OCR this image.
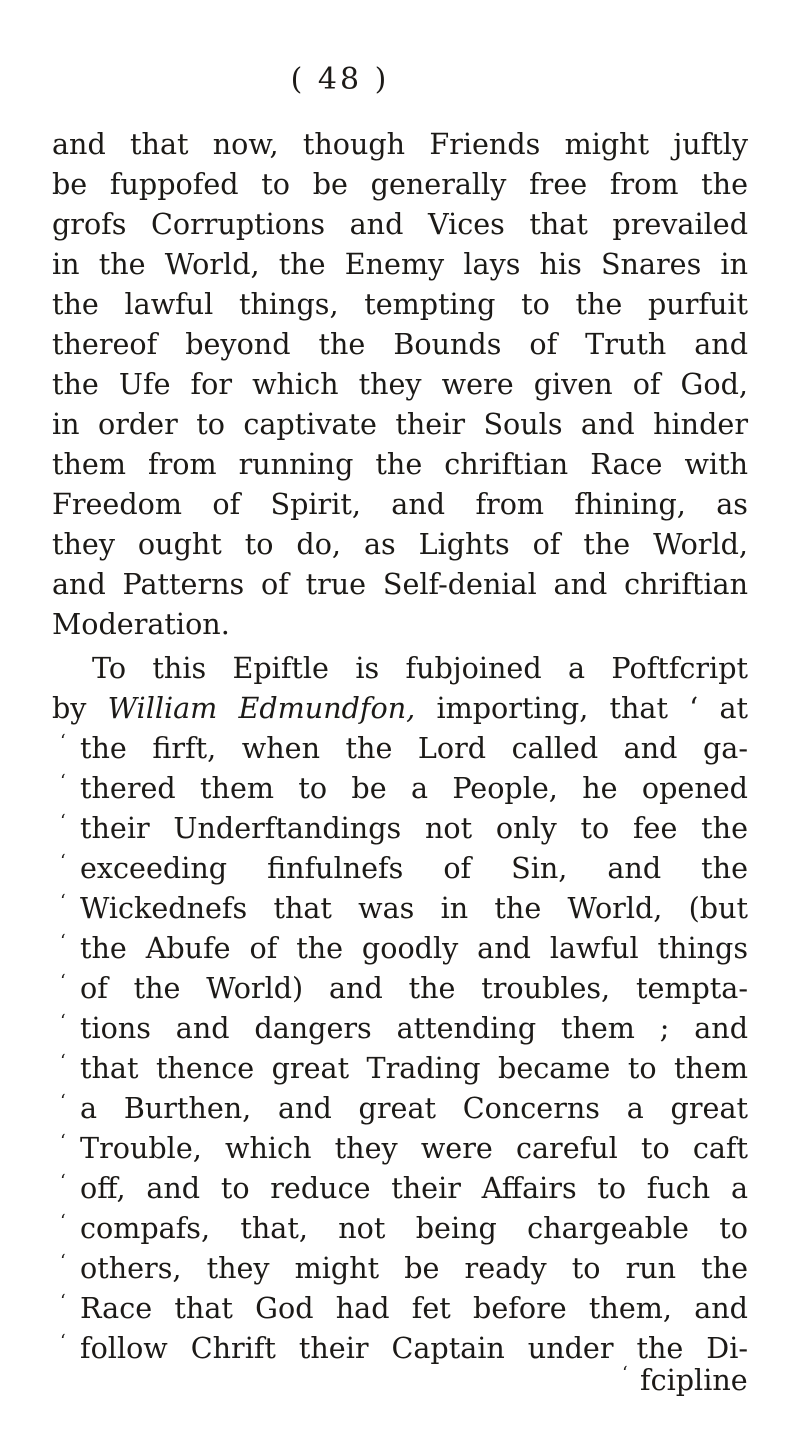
( 48 )
and that now, though Friends might juftly
be fuppofed to be generally free from the
grofs Corruptions and Vices that prevailed
in the World, the Enemy lays his Snares in
the lawful things, tempting to the purfuit
thereof beyond the Bounds of Truth and
the Ufe for which they were given of God,
in order to captivate their Souls and hinder
them from running the chriftian Race with
Freedom of Spirit, and from fhining, as
they ought to do, as Lights of the World,
and Patterns of true Self-denial and chriftian
Moderation.
To this Epiftle is fubjoined a Poftfcript
by William Edmundfon, importing, that ‘ at
‘ the firft, when the Lord called and ga-
‘ thered them to be a People, he opened
‘ their Underftandings not only to fee the
‘ exceeding finfulnefs of Sin, and the
‘ Wickednefs that was in the World, (but
‘ the Abufe of the goodly and lawful things
‘ of the World) and the troubles, tempta-
‘ tions and dangers attending them ; and
‘ that thence great Trading became to them
‘ a Burthen, and great Concerns a great
‘ Trouble, which they were careful to caft
‘ off, and to reduce their Affairs to fuch a
‘ compafs, that, not being chargeable to
‘ others, they might be ready to run the
‘ Race that God had fet before them, and
‘ follow Chrift their Captain under the Di-
‘ fcipline
